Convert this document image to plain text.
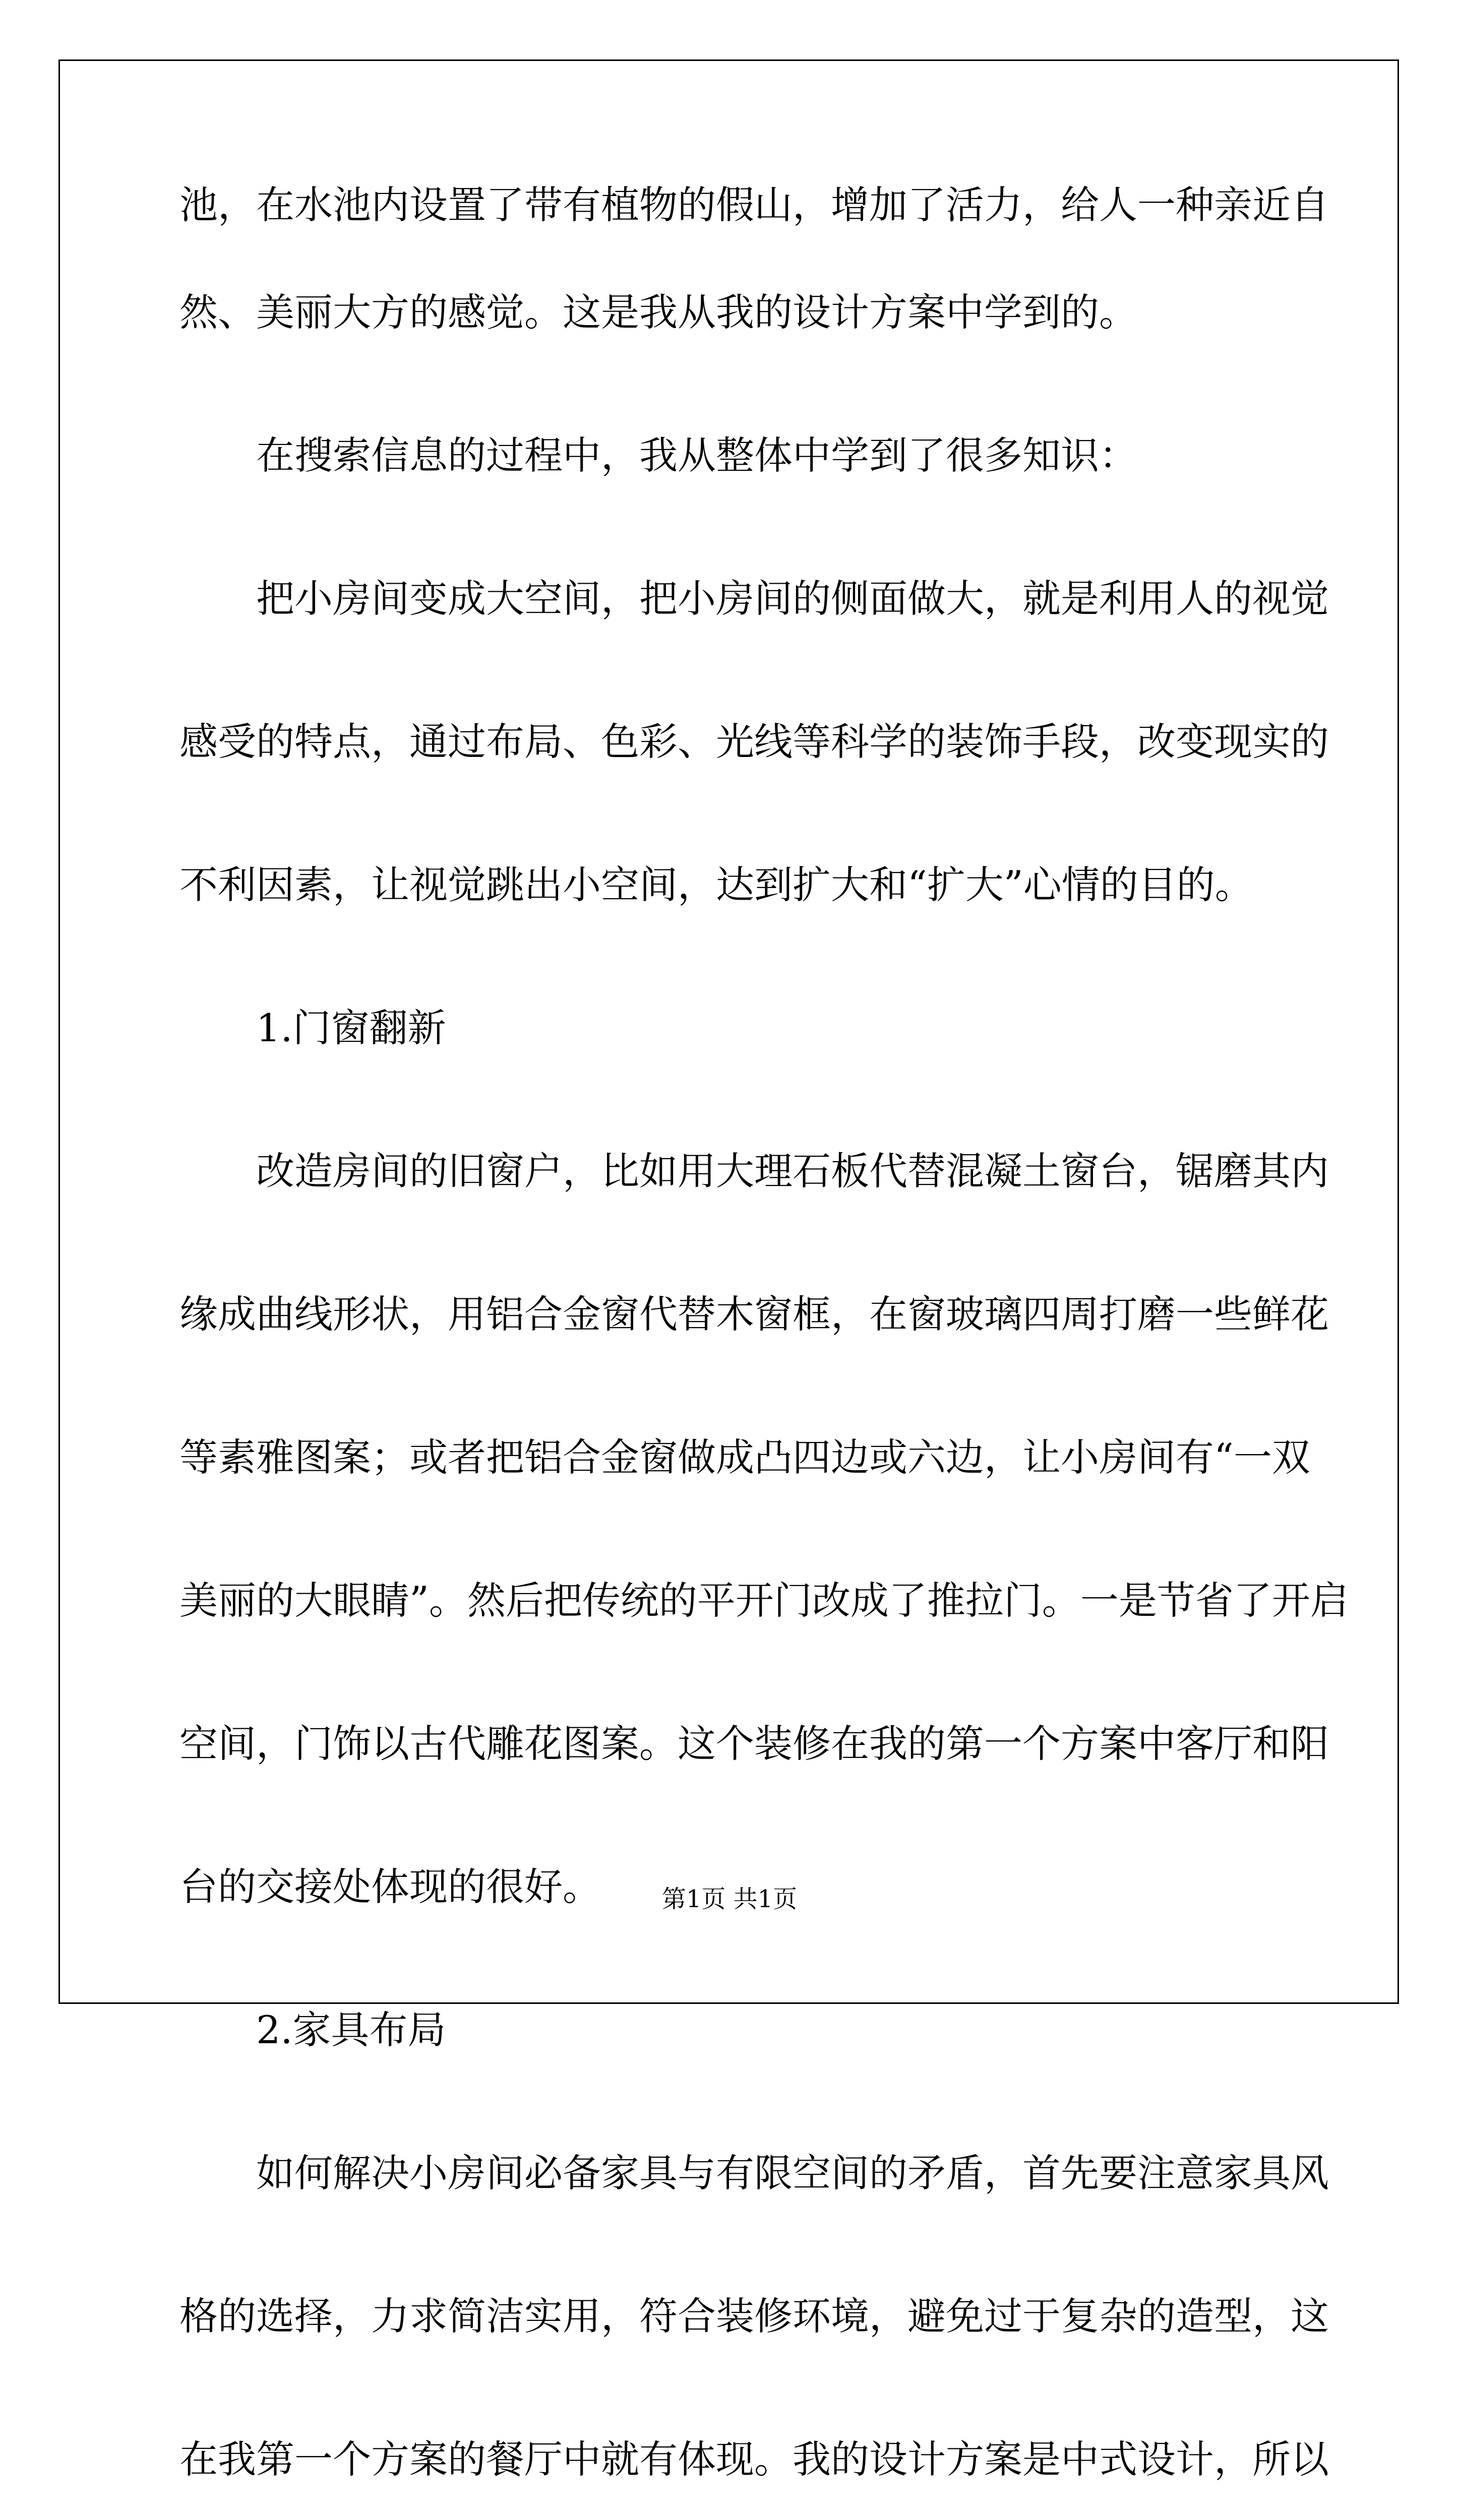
池，在水池内设置了带有植物的假山，增加了活力，给人一种亲近自
然、美丽大方的感觉。这是我从我的设计方案中学到的。
在搜索信息的过程中，我从整体中学到了很多知识：
把小房间变成大空间，把小房间的侧面做大，就是利用人的视觉
感受的特点，通过布局、色彩、光线等科学的装饰手段，改变现实的
不利因素，让视觉跳出小空间，达到扩大和“扩大”心情的目的。
1.门窗翻新
改造房间的旧窗户，比如用大理石板代替混凝土窗台，锯磨其内
缘成曲线形状，用铝合金窗代替木窗框，在窗玻璃四周打磨一些鲜花
等素雅图案；或者把铝合金窗做成凸四边或六边，让小房间有“一双
美丽的大眼睛”。然后把传统的平开门改成了推拉门。一是节省了开启
空间，门饰以古代雕花图案。这个装修在我的第一个方案中客厅和阳
台的交接处体现的很好。
2.家具布局
如何解决小房间必备家具与有限空间的矛盾，首先要注意家具风
格的选择，力求简洁实用，符合装修环境，避免过于复杂的造型，这
在我第一个方案的餐厅中就有体现。我的设计方案是中式设计，所以
第1页 共1页
